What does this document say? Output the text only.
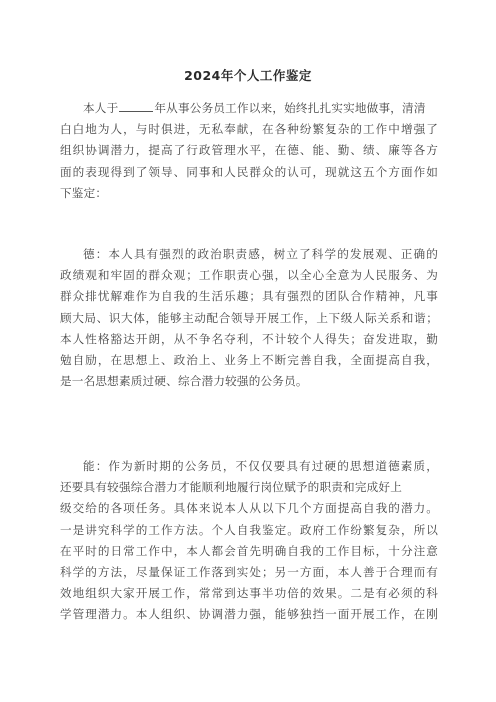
2024年个人工作鉴定
本人于	年从事公务员工作以来，始终扎扎实实地做事，清清
白白地为人，与时俱进，无私奉献，在各种纷繁复杂的工作中增强了
组织协调潜力，提高了行政管理水平，在德、能、勤、绩、廉等各方
面的表现得到了领导、同事和人民群众的认可，现就这五个方面作如
下鉴定：
德：本人具有强烈的政治职责感，树立了科学的发展观、正确的
政绩观和牢固的群众观；工作职责心强，以全心全意为人民服务、为
群众排忧解难作为自我的生活乐趣；具有强烈的团队合作精神，凡事
顾大局、识大体，能够主动配合领导开展工作，上下级人际关系和谐；
本人性格豁达开朗，从不争名夺利，不计较个人得失；奋发进取，勤
勉自励，在思想上、政治上、业务上不断完善自我，全面提高自我，
是一名思想素质过硬、综合潜力较强的公务员。
能：作为新时期的公务员，不仅仅要具有过硬的思想道德素质，
还要具有较强综合潜力才能顺利地履行岗位赋予的职责和完成好上
级交给的各项任务。具体来说本人从以下几个方面提高自我的潜力。
一是讲究科学的工作方法。个人自我鉴定。政府工作纷繁复杂，所以
在平时的日常工作中，本人都会首先明确自我的工作目标，十分注意
科学的方法，尽量保证工作落到实处；另一方面，本人善于合理而有
效地组织大家开展工作，常常到达事半功倍的效果。二是有必须的科
学管理潜力。本人组织、协调潜力强，能够独挡一面开展工作，在刚
